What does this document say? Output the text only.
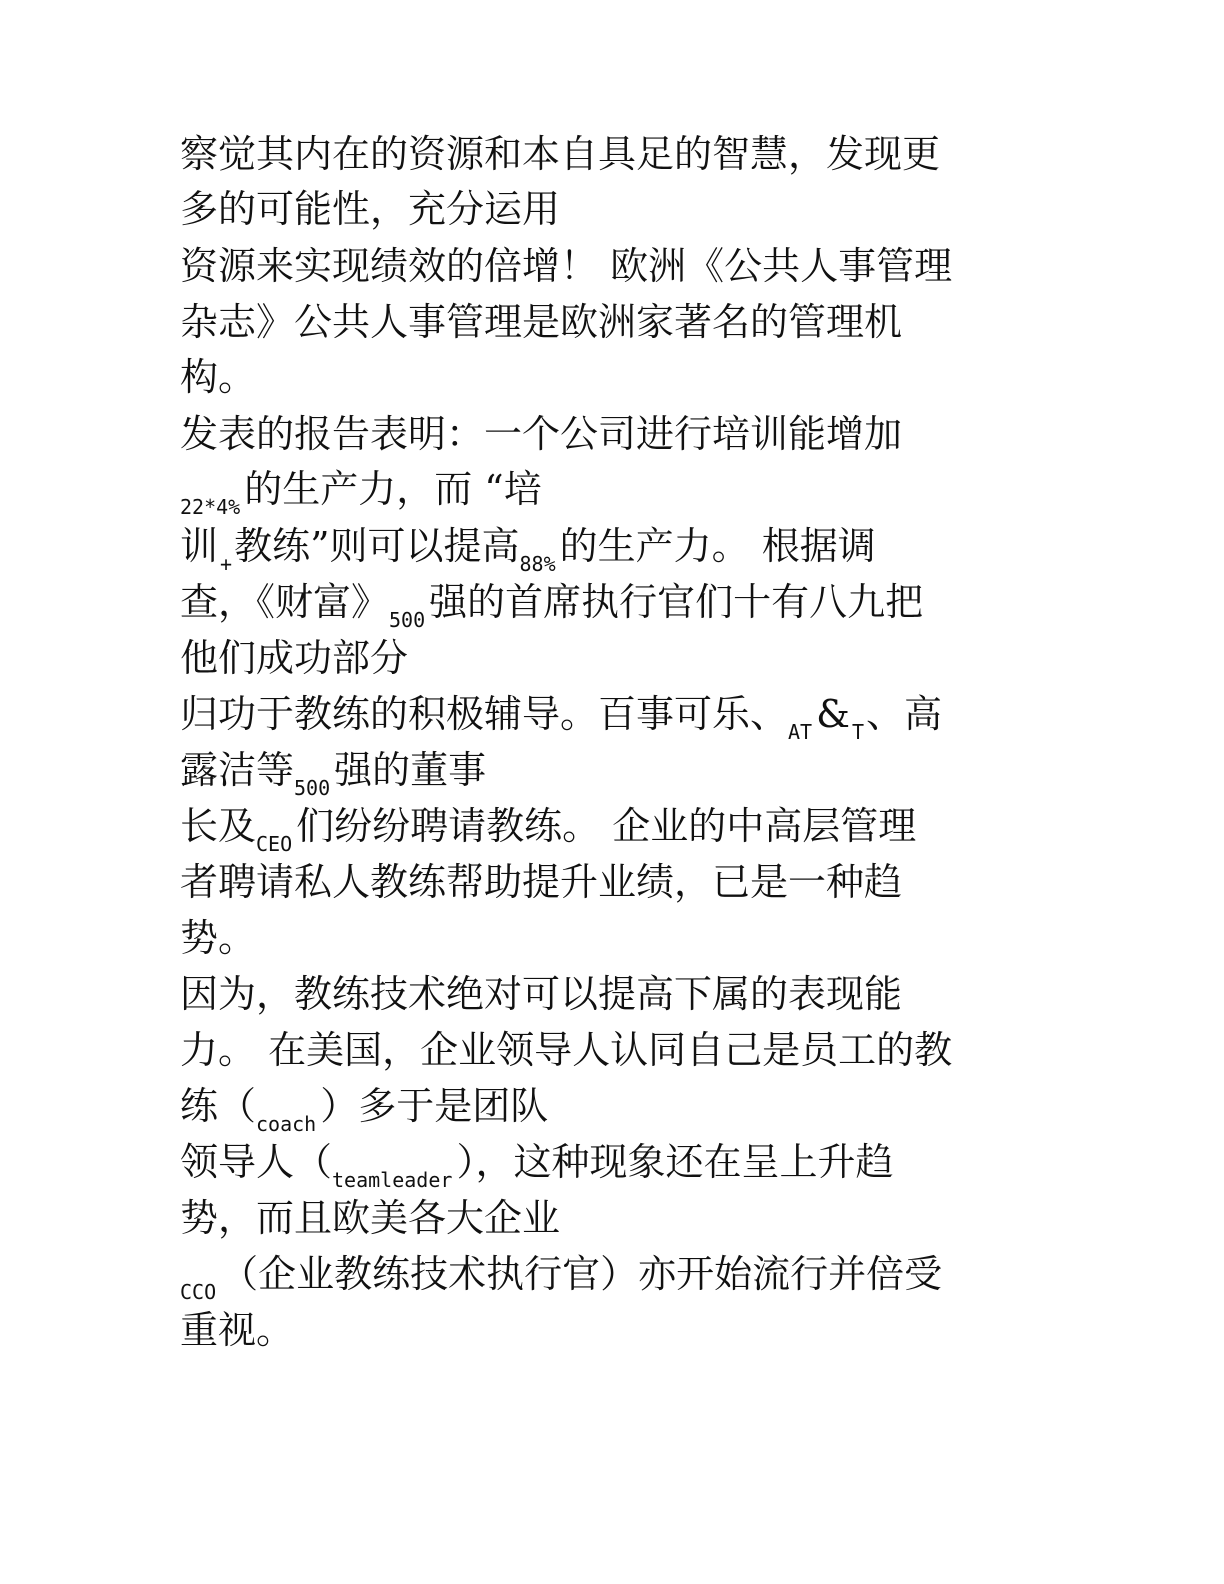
察觉其内在的资源和本自具足的智慧，发现更
多的可能性，充分运用
资源来实现绩效的倍增！ 欧洲《公共人事管理
杂志》公共人事管理是欧洲家著名的管理机
构。
发表的报告表明：一个公司进行培训能增加
$_{22*4\%}$ 的生产力，而 “培
训 $_+$教练”则可以提高$_{88\%}$ 的生产力。 根据调
查，《财富》$_{500}$ 强的首席执行官们十有八九把
他们成功部分
归功于教练的积极辅导。百事可乐、$_{AT}$ & $_T$、高
露洁等$_{500}$ 强的董事
长及$_{CEO}$ 们纷纷聘请教练。 企业的中高层管理
者聘请私人教练帮助提升业绩，已是一种趋
势。
因为，教练技术绝对可以提高下属的表现能
力。 在美国，企业领导人认同自己是员工的教
练（$_{coach}$ ）多于是团队
领导人（$_{teamleader}$ ），这种现象还在呈上升趋
势，而且欧美各大企业
$_{CCO}$ （企业教练技术执行官）亦开始流行并倍受
重视。
